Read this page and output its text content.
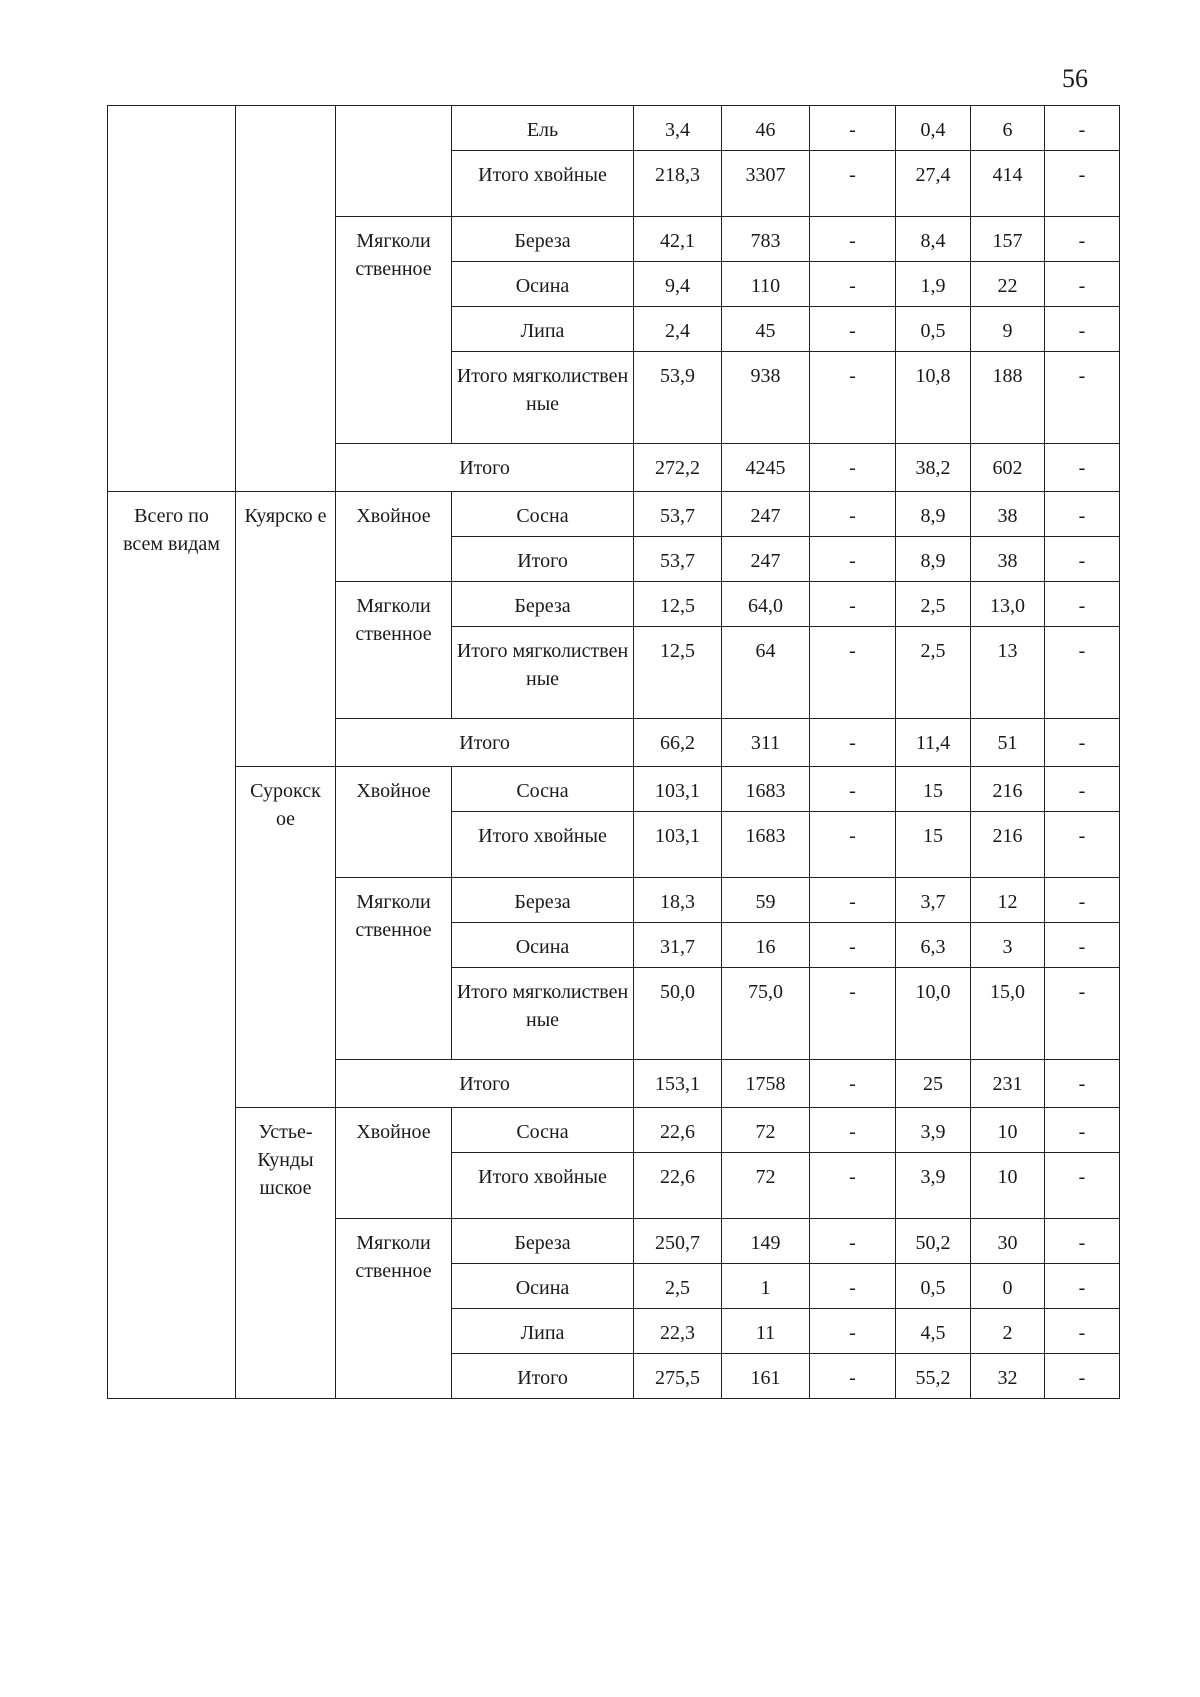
56
			Ель	3,4	46	-	0,4	6	-
			Итого хвойные	218,3	3307	-	27,4	414	-
		Мягколи ственное	Береза	42,1	783	-	8,4	157	-
			Осина	9,4	110	-	1,9	22	-
			Липа	2,4	45	-	0,5	9	-
			Итого мягколиствен ные	53,9	938	-	10,8	188	-
		Итого		272,2	4245	-	38,2	602	-
Всего по всем видам	Куярско е	Хвойное	Сосна	53,7	247	-	8,9	38	-
			Итого	53,7	247	-	8,9	38	-
		Мягколи ственное	Береза	12,5	64,0	-	2,5	13,0	-
			Итого мягколиствен ные	12,5	64	-	2,5	13	-
		Итого		66,2	311	-	11,4	51	-
	Сурокск ое	Хвойное	Сосна	103,1	1683	-	15	216	-
			Итого хвойные	103,1	1683	-	15	216	-
		Мягколи ственное	Береза	18,3	59	-	3,7	12	-
			Осина	31,7	16	-	6,3	3	-
			Итого мягколиствен ные	50,0	75,0	-	10,0	15,0	-
		Итого		153,1	1758	-	25	231	-
	Устье- Кунды шское	Хвойное	Сосна	22,6	72	-	3,9	10	-
			Итого хвойные	22,6	72	-	3,9	10	-
		Мягколи ственное	Береза	250,7	149	-	50,2	30	-
			Осина	2,5	1	-	0,5	0	-
			Липа	22,3	11	-	4,5	2	-
			Итого	275,5	161	-	55,2	32	-
